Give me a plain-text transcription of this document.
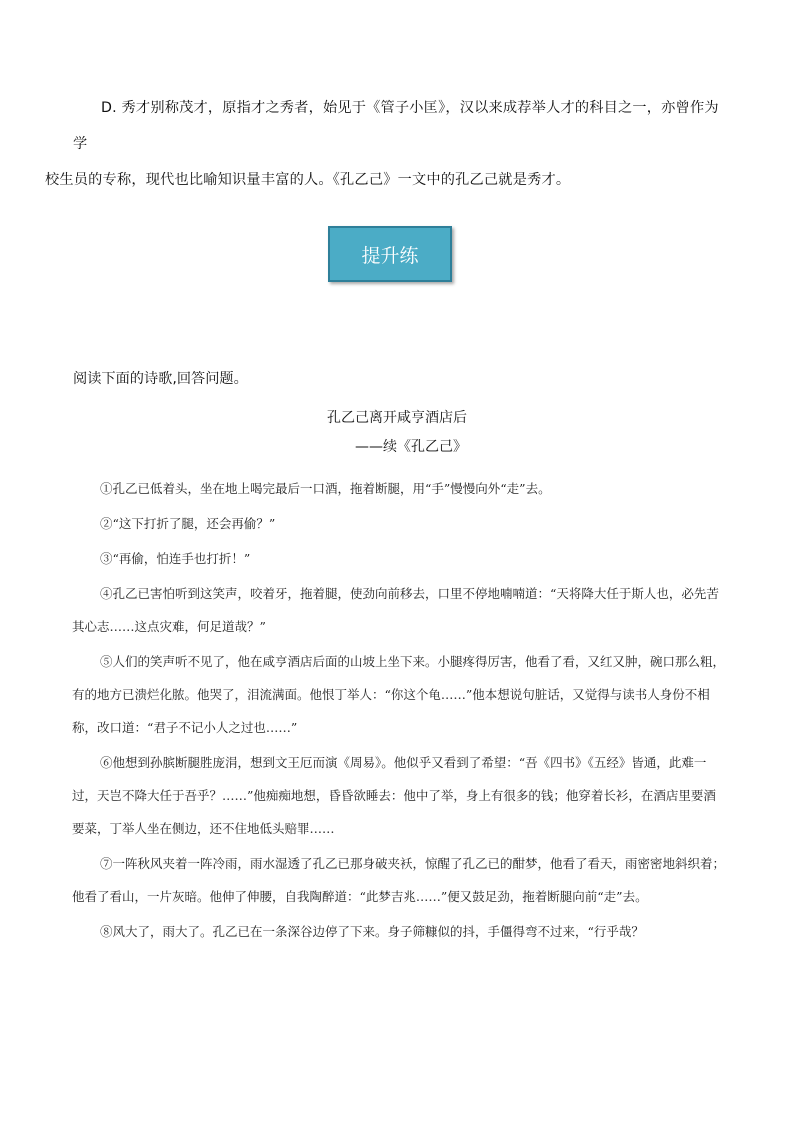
D. 秀才别称茂才，原指才之秀者，始见于《管子小匡》，汉以来成荐举人才的科目之一，亦曾作为学
校生员的专称，现代也比喻知识量丰富的人。《孔乙己》一文中的孔乙己就是秀才。
提升练
阅读下面的诗歌,回答问题。
孔乙己离开咸亨酒店后
——续《孔乙己》

①孔乙已低着头，坐在地上喝完最后一口酒，拖着断腿，用“手”慢慢向外“走”去。

②“这下打折了腿，还会再偷？”

③“再偷，怕连手也打折！”

④孔乙已害怕听到这笑声，咬着牙，拖着腿，使劲向前移去，口里不停地喃喃道：“天将降大任于斯人也，必先苦其心志……这点灾难，何足道哉？”

⑤人们的笑声听不见了，他在咸亨酒店后面的山坡上坐下来。小腿疼得厉害，他看了看，又红又肿，碗口那么粗，有的地方已溃烂化脓。他哭了，泪流满面。他恨丁举人：“你这个龟……”他本想说句脏话，又觉得与读书人身份不相称，改口道：“君子不记小人之过也……”

⑥他想到孙膑断腿胜庞涓，想到文王厄而演《周易》。他似乎又看到了希望：“吾《四书》《五经》皆通，此难一过，天岂不降大任于吾乎？……”他痴痴地想，昏昏欲睡去：他中了举，身上有很多的钱；他穿着长衫，在酒店里要酒要菜，丁举人坐在侧边，还不住地低头赔罪……

⑦一阵秋风夹着一阵冷雨，雨水湿透了孔乙已那身破夹袄，惊醒了孔乙已的酣梦，他看了看天，雨密密地斜织着；他看了看山，一片灰暗。他伸了伸腰，自我陶醉道：“此梦吉兆……”便又鼓足劲，拖着断腿向前“走”去。

⑧风大了，雨大了。孔乙已在一条深谷边停了下来。身子筛糠似的抖，手僵得弯不过来，“行乎哉？
